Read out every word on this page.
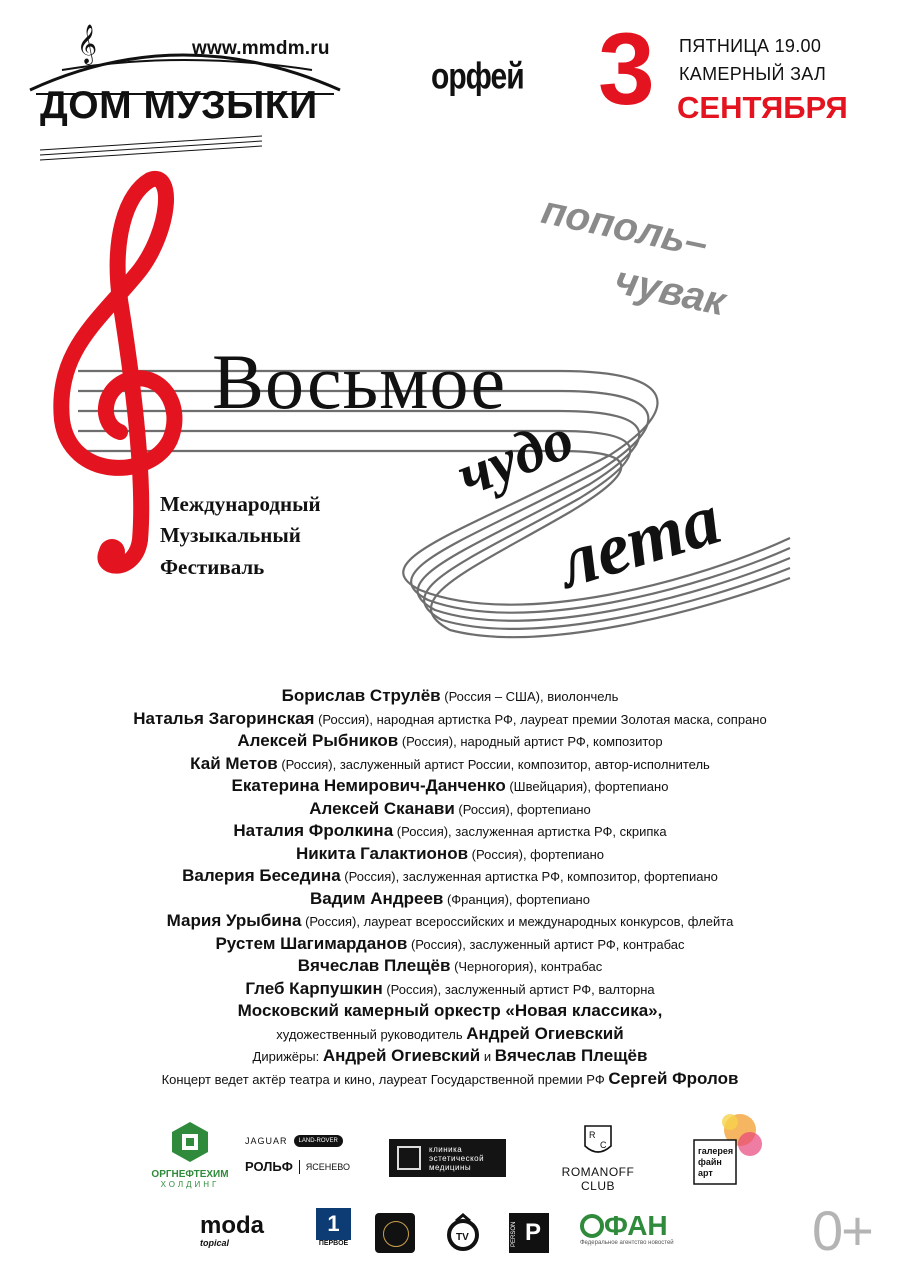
𝄞	www.mmdm.ru
ДОМ МУЗЫКИ
орфей 3 ПЯТНИЦА 19.00
КАМЕРНЫЙ ЗАЛ
СЕНТЯБРЯ
Восьмое
чудо
лета
Международный
Музыкальный
Фестиваль
пополь–
чувак
Борислав Струлёв (Россия – США), виолончель
Наталья Загоринская (Россия), народная артистка РФ, лауреат премии Золотая маска, сопрано
Алексей Рыбников (Россия), народный артист РФ, композитор
Кай Метов (Россия), заслуженный артист России, композитор, автор-исполнитель
Екатерина Немирович-Данченко (Швейцария), фортепиано
Алексей Сканави (Россия), фортепиано
Наталия Фролкина (Россия), заслуженная артистка РФ, скрипка
Никита Галактионов (Россия), фортепиано
Валерия Беседина (Россия), заслуженная артистка РФ, композитор, фортепиано
Вадим Андреев (Франция), фортепиано
Мария Урыбина (Россия), лауреат всероссийских и международных конкурсов, флейта
Рустем Шагимарданов (Россия), заслуженный артист РФ, контрабас
Вячеслав Плещёв (Черногория), контрабас
Глеб Карпушкин (Россия), заслуженный артист РФ, валторна
Московский камерный оркестр «Новая классика»,
художественный руководитель Андрей Огиевский
Дирижёры: Андрей Огиевский и Вячеслав Плещёв
Концерт ведет актёр театра и кино, лауреат Государственной премии РФ Сергей Фролов
ОРГНЕФТЕХИМ
ХОЛДИНГ
JAGUAR	LAND-ROVER
РОЛЬФ ЯСЕНЕВО
клиника эстетической медицины
R
C
ROMANOFF CLUB
галерея файн арт
moda
topical
1
ПЕРВОЕ
TV	PERSON P ФАН
Федеральное агентство новостей 0+
